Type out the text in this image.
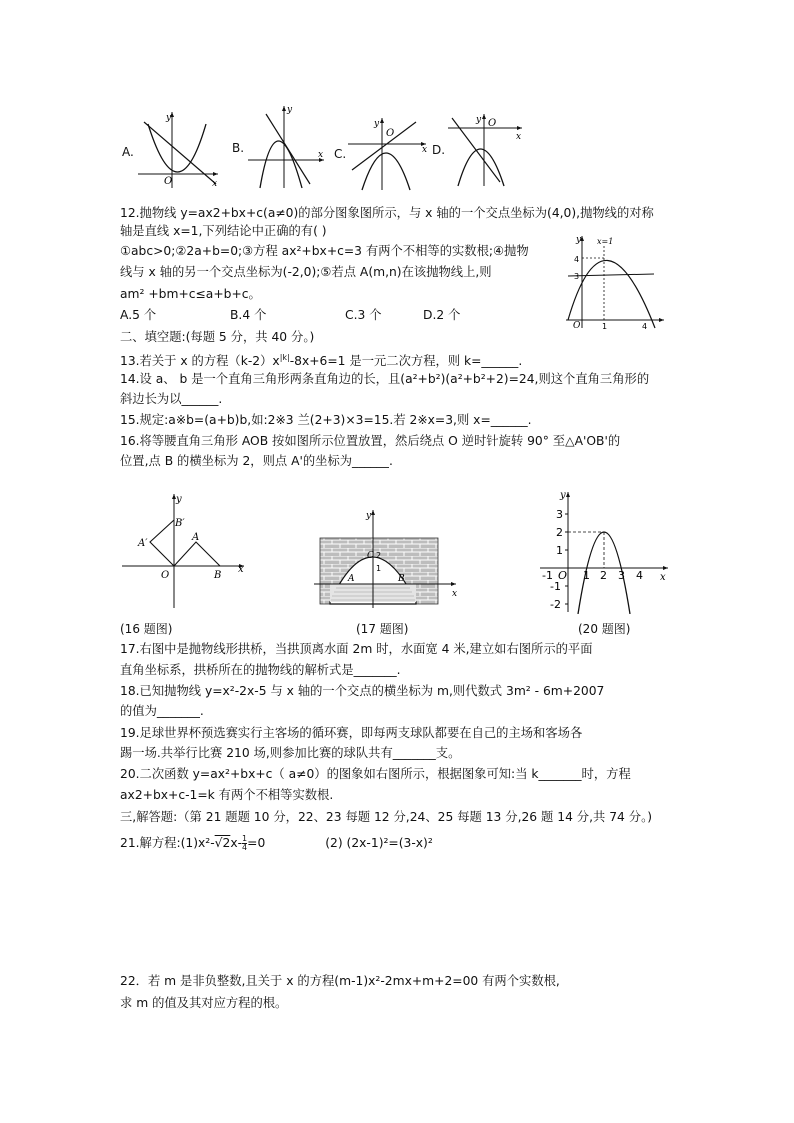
A.
y
O	x
B.
y
x C.
y
O
x D.
y O
x
12.抛物线 y=ax2+bx+c(a≠0)的部分图象图所示，与 x 轴的一个交点坐标为(4,0),抛物线的对称
轴是直线 x=1,下列结论中正确的有( )
①abc>0;②2a+b=0;③方程 ax²+bx+c=3 有两个不相等的实数根;④抛物
线与 x 轴的另一个交点坐标为(-2,0);⑤若点 A(m,n)在该抛物线上,则
am² +bm+c≤a+b+c。
A.5 个	B.4 个	C.3 个	D.2 个
y x=1
4
3
O	1	4
二、填空题:(每题 5 分，共 40 分。)
13.若关于 x 的方程$(k-2)x^{|k|}-8x+6=1$ 是一元二次方程，则 k=______.
14.设 a、 b 是一个直角三角形两条直角边的长，且(a²+b²)(a²+b²+2)=24,则这个直角三角形的
斜边长为以______.
15.规定:a※b=(a+b)b,如:2※3 兰(2+3)×3=15.若 2※x=3,则 x=______.
16.将等腰直角三角形 AOB 按如图所示位置放置，然后绕点 O 逆时针旋转 90° 至△A'OB'的
位置,点 B 的横坐标为 2，则点 A'的坐标为______.
y
B′
A′
A
O	B
x
y
C 2
1
A	B
x
y
3
2
1
-1
-2
-1 O 1 2 3 4 x
(16 题图)	(17 题图)	(20 题图)
17.右图中是抛物线形拱桥，当拱顶离水面 2m 时，水面宽 4 米,建立如右图所示的平面
直角坐标系，拱桥所在的抛物线的解析式是_______.
18.已知抛物线 y=x²-2x-5 与 x 轴的一个交点的横坐标为 m,则代数式 3m² - 6m+2007
的值为_______.
19.足球世界杯预选赛实行主客场的循环赛，即每两支球队都要在自己的主场和客场各
踢一场.共举行比赛 210 场,则参加比赛的球队共有_______支。
20.二次函数 y=ax²+bx+c（ a≠0）的图象如右图所示，根据图象可知:当 k_______时，方程
ax2+bx+c-1=k 有两个不相等实数根.
三,解答题:（第 21 题题 10 分，22、23 每题 12 分,24、25 每题 13 分,26 题 14 分,共 74 分。)
21.解方程:(1)x²-√2x- $\frac{1}{4} =0$	(2) (2x-1)²=(3-x)²
22．若 m 是非负整数,且关于 x 的方程(m-1)x²-2mx+m+2=00 有两个实数根,
求 m 的值及其对应方程的根。
